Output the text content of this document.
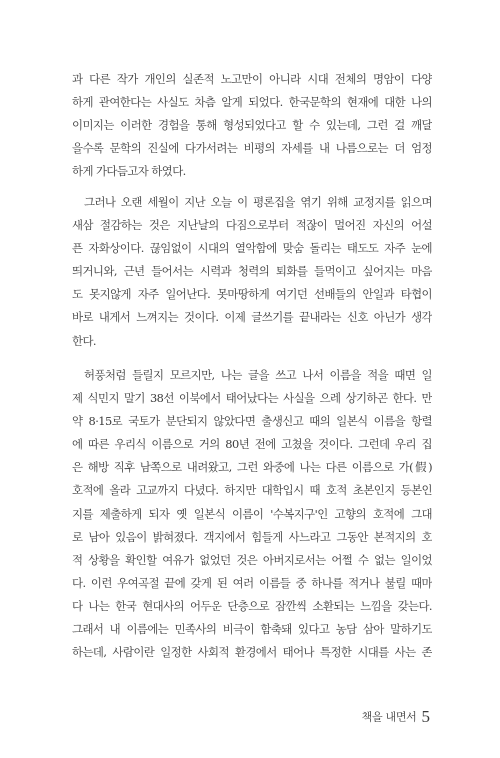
과 다른 작가 개인의 실존적 노고만이 아니라 시대 전체의 명암이 다양
하게 관여한다는 사실도 차츰 알게 되었다. 한국문학의 현재에 대한 나의
이미지는 이러한 경험을 통해 형성되었다고 할 수 있는데, 그런 걸 깨달
을수록 문학의 진실에 다가서려는 비평의 자세를 내 나름으로는 더 엄정
하게 가다듬고자 하였다.
그러나 오랜 세월이 지난 오늘 이 평론집을 엮기 위해 교정지를 읽으며
새삼 절감하는 것은 지난날의 다짐으로부터 적잖이 멀어진 자신의 어설
픈 자화상이다. 끊임없이 시대의 열악함에 맞숨 돌리는 태도도 자주 눈에
띄거니와, 근년 들어서는 시력과 청력의 퇴화를 들먹이고 싶어지는 마음
도 못지않게 자주 일어난다. 못마땅하게 여기던 선배들의 안일과 타협이
바로 내게서 느껴지는 것이다. 이제 글쓰기를 끝내라는 신호 아닌가 생각
한다.
허풍처럼 들릴지 모르지만, 나는 글을 쓰고 나서 이름을 적을 때면 일
제 식민지 말기 38선 이북에서 태어났다는 사실을 으레 상기하곤 한다. 만
약 8·15로 국토가 분단되지 않았다면 출생신고 때의 일본식 이름을 항렬
에 따른 우리식 이름으로 거의 80년 전에 고쳤을 것이다. 그런데 우리 집
은 해방 직후 남쪽으로 내려왔고, 그런 와중에 나는 다른 이름으로 가(假)
호적에 올라 고교까지 다녔다. 하지만 대학입시 때 호적 초본인지 등본인
지를 제출하게 되자 옛 일본식 이름이 '수복지구'인 고향의 호적에 그대
로 남아 있음이 밝혀졌다. 객지에서 힘들게 사느라고 그동안 본적지의 호
적 상황을 확인할 여유가 없었던 것은 아버지로서는 어쩔 수 없는 일이었
다. 이런 우여곡절 끝에 갖게 된 여러 이름들 중 하나를 적거나 불릴 때마
다 나는 한국 현대사의 어두운 단층으로 잠깐씩 소환되는 느낌을 갖는다.
그래서 내 이름에는 민족사의 비극이 함축돼 있다고 농담 삼아 말하기도
하는데, 사람이란 일정한 사회적 환경에서 태어나 특정한 시대를 사는 존
책을 내면서 5
